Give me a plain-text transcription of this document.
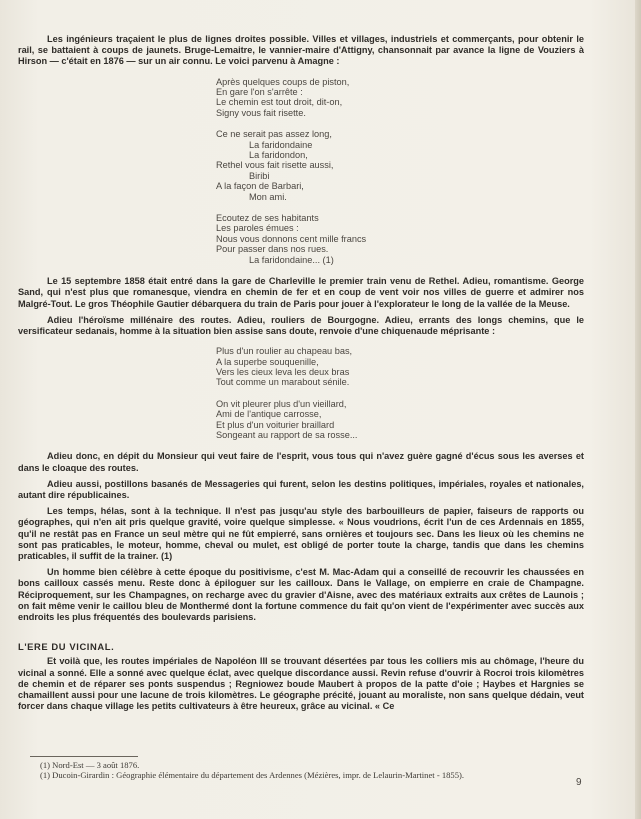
Les ingénieurs traçaient le plus de lignes droites possible. Villes et villages, industriels et commerçants, pour obtenir le rail, se battaient à coups de jaunets. Bruge-Lemaitre, le vannier-maire d'Attigny, chansonnait par avance la ligne de Vouziers à Hirson — c'était en 1876 — sur un air connu. Le voici parvenu à Amagne :

Après quelques coups de piston,
En gare l'on s'arrête :
Le chemin est tout droit, dit-on,
Signy vous fait risette.
Ce ne serait pas assez long,
La faridondaine
La faridondon,
Rethel vous fait risette aussi,
Biribi
A la façon de Barbari,
Mon ami.
Ecoutez de ses habitants
Les paroles émues :
Nous vous donnons cent mille francs
Pour passer dans nos rues.
La faridondaine... (1)

Le 15 septembre 1858 était entré dans la gare de Charleville le premier train venu de Rethel. Adieu, romantisme. George Sand, qui n'est plus que romanesque, viendra en chemin de fer et en coup de vent voir nos villes de guerre et admirer nos Malgré-Tout. Le gros Théophile Gautier débarquera du train de Paris pour jouer à l'explorateur le long de la vallée de la Meuse.

Adieu l'héroïsme millénaire des routes. Adieu, rouliers de Bourgogne. Adieu, errants des longs chemins, que le versificateur sedanais, homme à la situation bien assise sans doute, renvoie d'une chiquenaude méprisante :

Plus d'un roulier au chapeau bas,
A la superbe souquenille,
Vers les cieux leva les deux bras
Tout comme un marabout sénile.
On vit pleurer plus d'un vieillard,
Ami de l'antique carrosse,
Et plus d'un voiturier braillard
Songeant au rapport de sa rosse...

Adieu donc, en dépit du Monsieur qui veut faire de l'esprit, vous tous qui n'avez guère gagné d'écus sous les averses et dans le cloaque des routes.

Adieu aussi, postillons basanés de Messageries qui furent, selon les destins politiques, impériales, royales et nationales, autant dire républicaines.

Les temps, hélas, sont à la technique. Il n'est pas jusqu'au style des barbouilleurs de papier, faiseurs de rapports ou géographes, qui n'en ait pris quelque gravité, voire quelque simplesse. « Nous voudrions, écrit l'un de ces Ardennais en 1855, qu'il ne restât pas en France un seul mètre qui ne fût empierré, sans ornières et toujours sec. Dans les lieux où les chemins ne sont pas praticables, le moteur, homme, cheval ou mulet, est obligé de porter toute la charge, tandis que dans les chemins praticables, il suffit de la trainer. (1)

Un homme bien célèbre à cette époque du positivisme, c'est M. Mac-Adam qui a conseillé de recouvrir les chaussées en bons cailloux cassés menu. Reste donc à épiloguer sur les cailloux. Dans le Vallage, on empierre en craie de Champagne. Réciproquement, sur les Champagnes, on recharge avec du gravier d'Aisne, avec des matériaux extraits aux crêtes de Launois ; on fait même venir le caillou bleu de Monthermé dont la fortune commence du fait qu'on vient de l'expérimenter avec succès aux endroits les plus fréquentés des boulevards parisiens.

L'ERE DU VICINAL.

Et voilà que, les routes impériales de Napoléon III se trouvant désertées par tous les colliers mis au chômage, l'heure du vicinal a sonné. Elle a sonné avec quelque éclat, avec quelque discordance aussi. Revin refuse d'ouvrir à Rocroi trois kilomètres de chemin et de réparer ses ponts suspendus ; Regniowez boude Maubert à propos de la patte d'oie ; Haybes et Hargnies se chamaillent aussi pour une lacune de trois kilomètres. Le géographe précité, jouant au moraliste, non sans quelque dédain, veut forcer dans chaque village les petits cultivateurs à être heureux, grâce au vicinal. « Ce

(1) Nord-Est — 3 août 1876.
(1) Ducoin-Girardin : Géographie élémentaire du département des Ardennes (Mézières, impr. de Lelaurin-Martinet - 1855).
9
